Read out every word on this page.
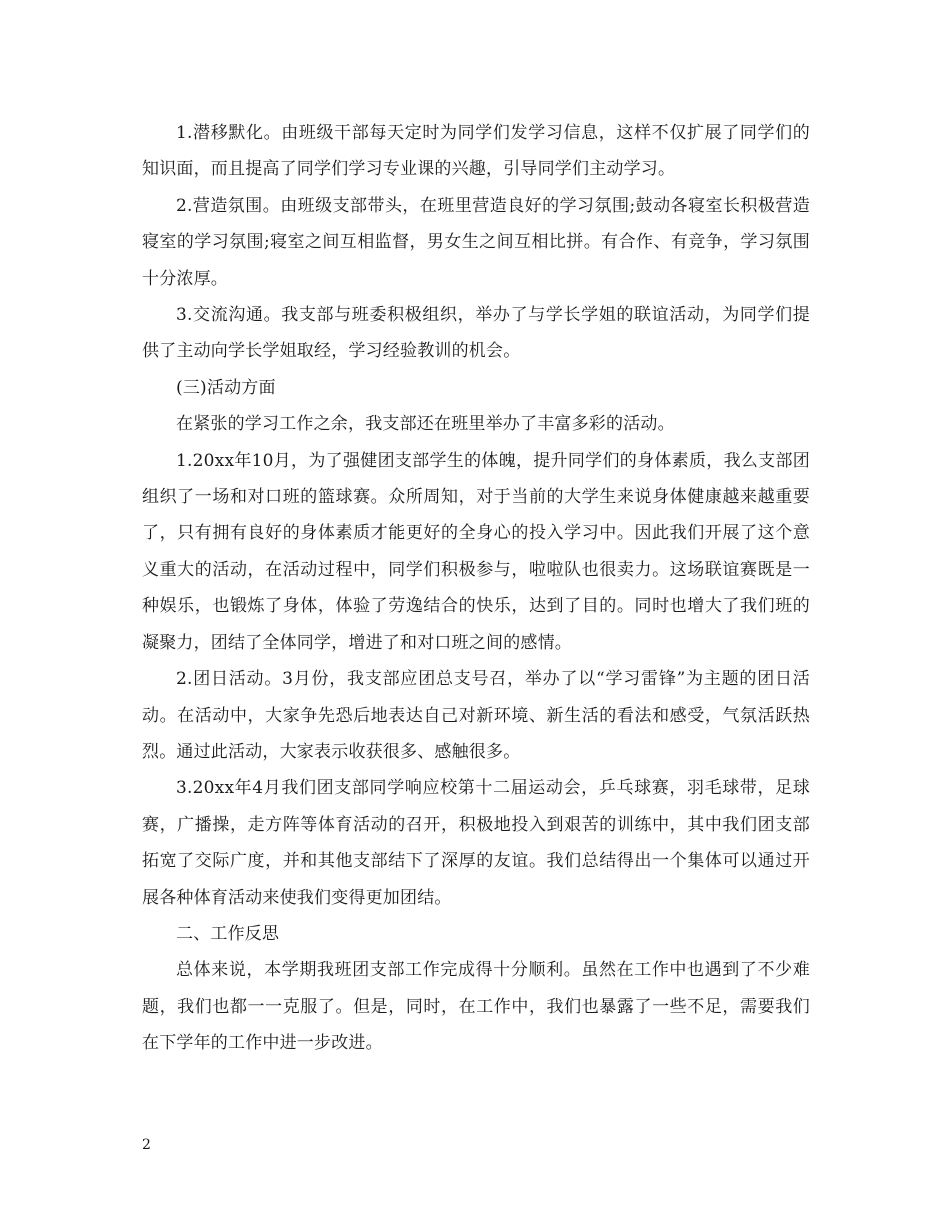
1.潜移默化。由班级干部每天定时为同学们发学习信息，这样不仅扩展了同学们的知识面，而且提高了同学们学习专业课的兴趣，引导同学们主动学习。

2.营造氛围。由班级支部带头，在班里营造良好的学习氛围;鼓动各寝室长积极营造寝室的学习氛围;寝室之间互相监督，男女生之间互相比拼。有合作、有竞争，学习氛围十分浓厚。

3.交流沟通。我支部与班委积极组织，举办了与学长学姐的联谊活动，为同学们提供了主动向学长学姐取经，学习经验教训的机会。

(三)活动方面

在紧张的学习工作之余，我支部还在班里举办了丰富多彩的活动。

1.20xx年10月，为了强健团支部学生的体魄，提升同学们的身体素质，我么支部团组织了一场和对口班的篮球赛。众所周知，对于当前的大学生来说身体健康越来越重要了，只有拥有良好的身体素质才能更好的全身心的投入学习中。因此我们开展了这个意义重大的活动，在活动过程中，同学们积极参与，啦啦队也很卖力。这场联谊赛既是一种娱乐，也锻炼了身体，体验了劳逸结合的快乐，达到了目的。同时也增大了我们班的凝聚力，团结了全体同学，增进了和对口班之间的感情。

2.团日活动。3月份，我支部应团总支号召，举办了以“学习雷锋”为主题的团日活动。在活动中，大家争先恐后地表达自己对新环境、新生活的看法和感受，气氛活跃热烈。通过此活动，大家表示收获很多、感触很多。

3.20xx年4月我们团支部同学响应校第十二届运动会，乒乓球赛，羽毛球带，足球赛，广播操，走方阵等体育活动的召开，积极地投入到艰苦的训练中，其中我们团支部拓宽了交际广度，并和其他支部结下了深厚的友谊。我们总结得出一个集体可以通过开展各种体育活动来使我们变得更加团结。

二、工作反思

总体来说，本学期我班团支部工作完成得十分顺利。虽然在工作中也遇到了不少难题，我们也都一一克服了。但是，同时，在工作中，我们也暴露了一些不足，需要我们在下学年的工作中进一步改进。

2
